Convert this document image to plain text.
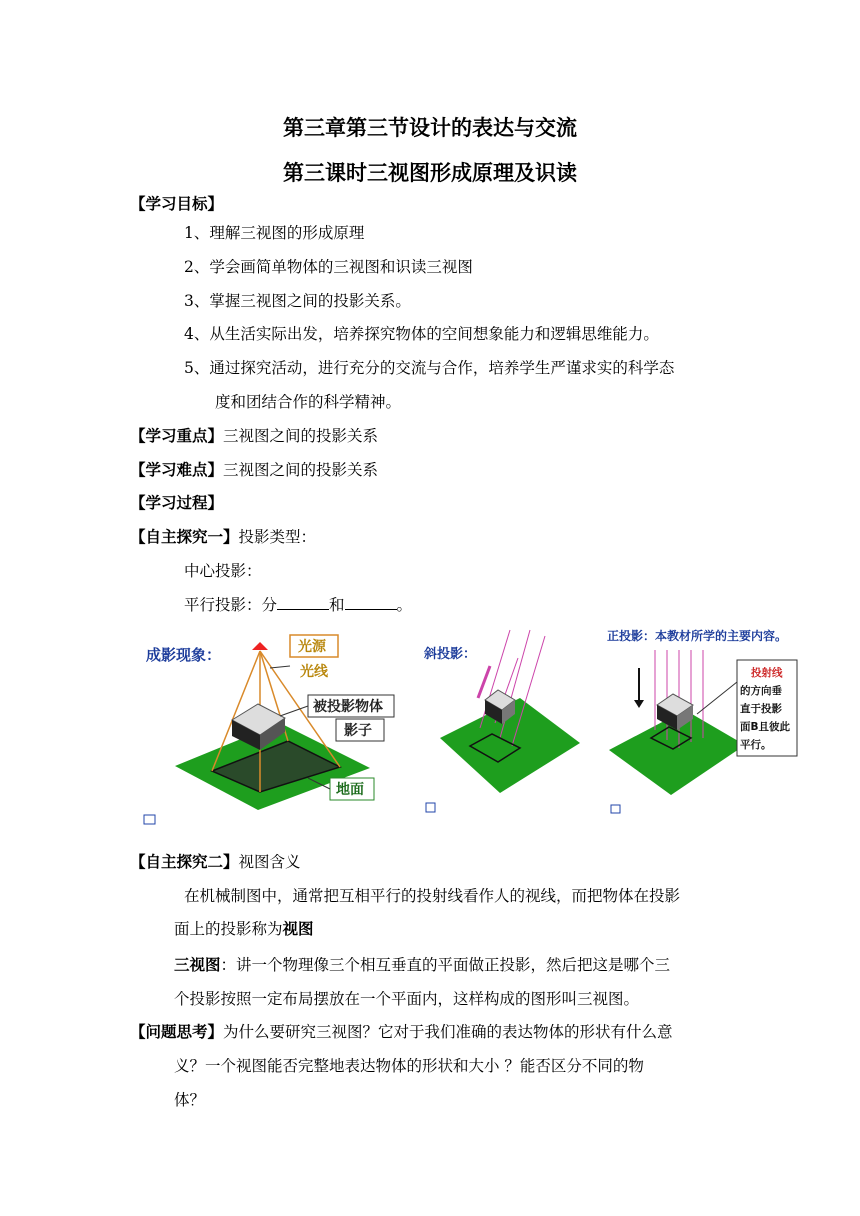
第三章第三节设计的表达与交流
第三课时三视图形成原理及识读
【学习目标】
1、理解三视图的形成原理
2、学会画简单物体的三视图和识读三视图
3、掌握三视图之间的投影关系。
4、从生活实际出发，培养探究物体的空间想象能力和逻辑思维能力。
5、通过探究活动，进行充分的交流与合作，培养学生严谨求实的科学态
度和团结合作的科学精神。
【学习重点】三视图之间的投影关系
【学习难点】三视图之间的投影关系
【学习过程】
【自主探究一】投影类型：
中心投影：
平行投影：分	和	。
成影现象：	光源
光线
被投影物体
影子
地面
斜投影：
正投影：本教材所学的主要内容。
投射线
的方向垂
直于投影
面B且彼此
平行。
【自主探究二】视图含义
在机械制图中，通常把互相平行的投射线看作人的视线，而把物体在投影
面上的投影称为视图
三视图：讲一个物理像三个相互垂直的平面做正投影，然后把这是哪个三
个投影按照一定布局摆放在一个平面内，这样构成的图形叫三视图。
【问题思考】为什么要研究三视图？它对于我们准确的表达物体的形状有什么意
义？一个视图能否完整地表达物体的形状和大小 ？能否区分不同的物
体？
